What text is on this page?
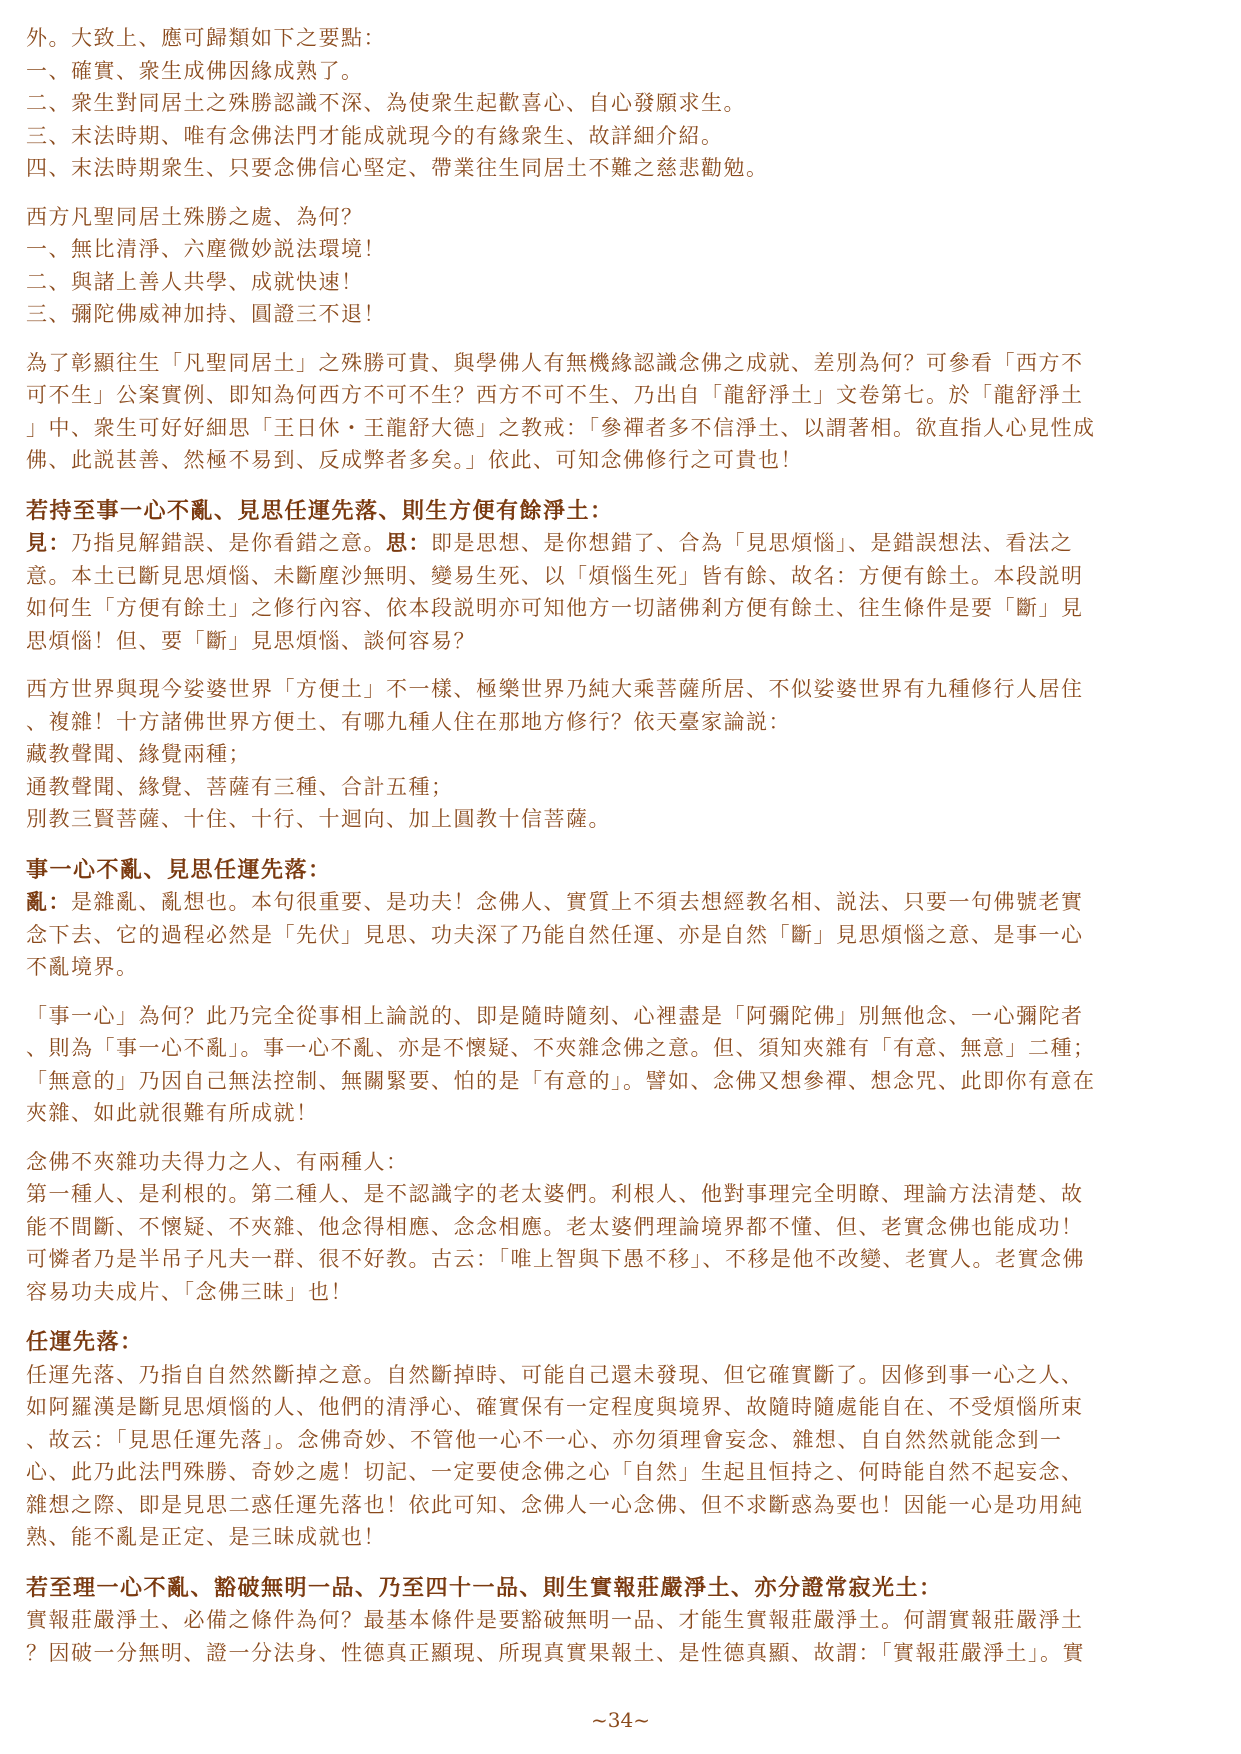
外。大致上、應可歸類如下之要點：
一、確實、衆生成佛因緣成熟了。
二、衆生對同居土之殊勝認識不深、為使衆生起歡喜心、自心發願求生。
三、末法時期、唯有念佛法門才能成就現今的有緣衆生、故詳細介紹。
四、末法時期衆生、只要念佛信心堅定、帶業往生同居土不難之慈悲勸勉。
西方凡聖同居土殊勝之處、為何？
一、無比清淨、六塵微妙説法環境！
二、與諸上善人共學、成就快速！
三、彌陀佛威神加持、圓證三不退！
為了彰顯往生「凡聖同居土」之殊勝可貴、與學佛人有無機緣認識念佛之成就、差別為何？可參看「西方不
可不生」公案實例、即知為何西方不可不生？西方不可不生、乃出自「龍舒淨土」文卷第七。於「龍舒淨土
」中、衆生可好好細思「王日休・王龍舒大德」之教戒：「參禪者多不信淨土、以謂著相。欲直指人心見性成
佛、此説甚善、然極不易到、反成弊者多矣。」依此、可知念佛修行之可貴也！
若持至事一心不亂、見思任運先落、則生方便有餘淨土：
見：乃指見解錯誤、是你看錯之意。思：即是思想、是你想錯了、合為「見思煩惱」、是錯誤想法、看法之
意。本土已斷見思煩惱、未斷塵沙無明、變易生死、以「煩惱生死」皆有餘、故名：方便有餘土。本段説明
如何生「方便有餘土」之修行內容、依本段説明亦可知他方一切諸佛剎方便有餘土、往生條件是要「斷」見
思煩惱！但、要「斷」見思煩惱、談何容易？
西方世界與現今娑婆世界「方便土」不一樣、極樂世界乃純大乘菩薩所居、不似娑婆世界有九種修行人居住
、複雜！十方諸佛世界方便土、有哪九種人住在那地方修行？依天臺家論説：
藏教聲聞、緣覺兩種；
通教聲聞、緣覺、菩薩有三種、合計五種；
別教三賢菩薩、十住、十行、十迴向、加上圓教十信菩薩。
事一心不亂、見思任運先落：
亂：是雜亂、亂想也。本句很重要、是功夫！念佛人、實質上不須去想經教名相、説法、只要一句佛號老實
念下去、它的過程必然是「先伏」見思、功夫深了乃能自然任運、亦是自然「斷」見思煩惱之意、是事一心
不亂境界。
「事一心」為何？此乃完全從事相上論説的、即是隨時隨刻、心裡盡是「阿彌陀佛」別無他念、一心彌陀者
、則為「事一心不亂」。事一心不亂、亦是不懷疑、不夾雜念佛之意。但、須知夾雜有「有意、無意」二種；
「無意的」乃因自己無法控制、無關緊要、怕的是「有意的」。譬如、念佛又想參禪、想念咒、此即你有意在
夾雜、如此就很難有所成就！
念佛不夾雜功夫得力之人、有兩種人：
第一種人、是利根的。第二種人、是不認識字的老太婆們。利根人、他對事理完全明瞭、理論方法清楚、故
能不間斷、不懷疑、不夾雜、他念得相應、念念相應。老太婆們理論境界都不懂、但、老實念佛也能成功！
可憐者乃是半吊子凡夫一群、很不好教。古云：「唯上智與下愚不移」、不移是他不改變、老實人。老實念佛
容易功夫成片、「念佛三昧」也！
任運先落：
任運先落、乃指自自然然斷掉之意。自然斷掉時、可能自己還未發現、但它確實斷了。因修到事一心之人、
如阿羅漢是斷見思煩惱的人、他們的清淨心、確實保有一定程度與境界、故隨時隨處能自在、不受煩惱所束
、故云：「見思任運先落」。念佛奇妙、不管他一心不一心、亦勿須理會妄念、雜想、自自然然就能念到一
心、此乃此法門殊勝、奇妙之處！切記、一定要使念佛之心「自然」生起且恒持之、何時能自然不起妄念、
雜想之際、即是見思二惑任運先落也！依此可知、念佛人一心念佛、但不求斷惑為要也！因能一心是功用純
熟、能不亂是正定、是三昧成就也！
若至理一心不亂、豁破無明一品、乃至四十一品、則生實報莊嚴淨土、亦分證常寂光土：
實報莊嚴淨土、必備之條件為何？最基本條件是要豁破無明一品、才能生實報莊嚴淨土。何謂實報莊嚴淨土
？因破一分無明、證一分法身、性德真正顯現、所現真實果報土、是性德真顯、故謂：「實報莊嚴淨土」。實
~34~
